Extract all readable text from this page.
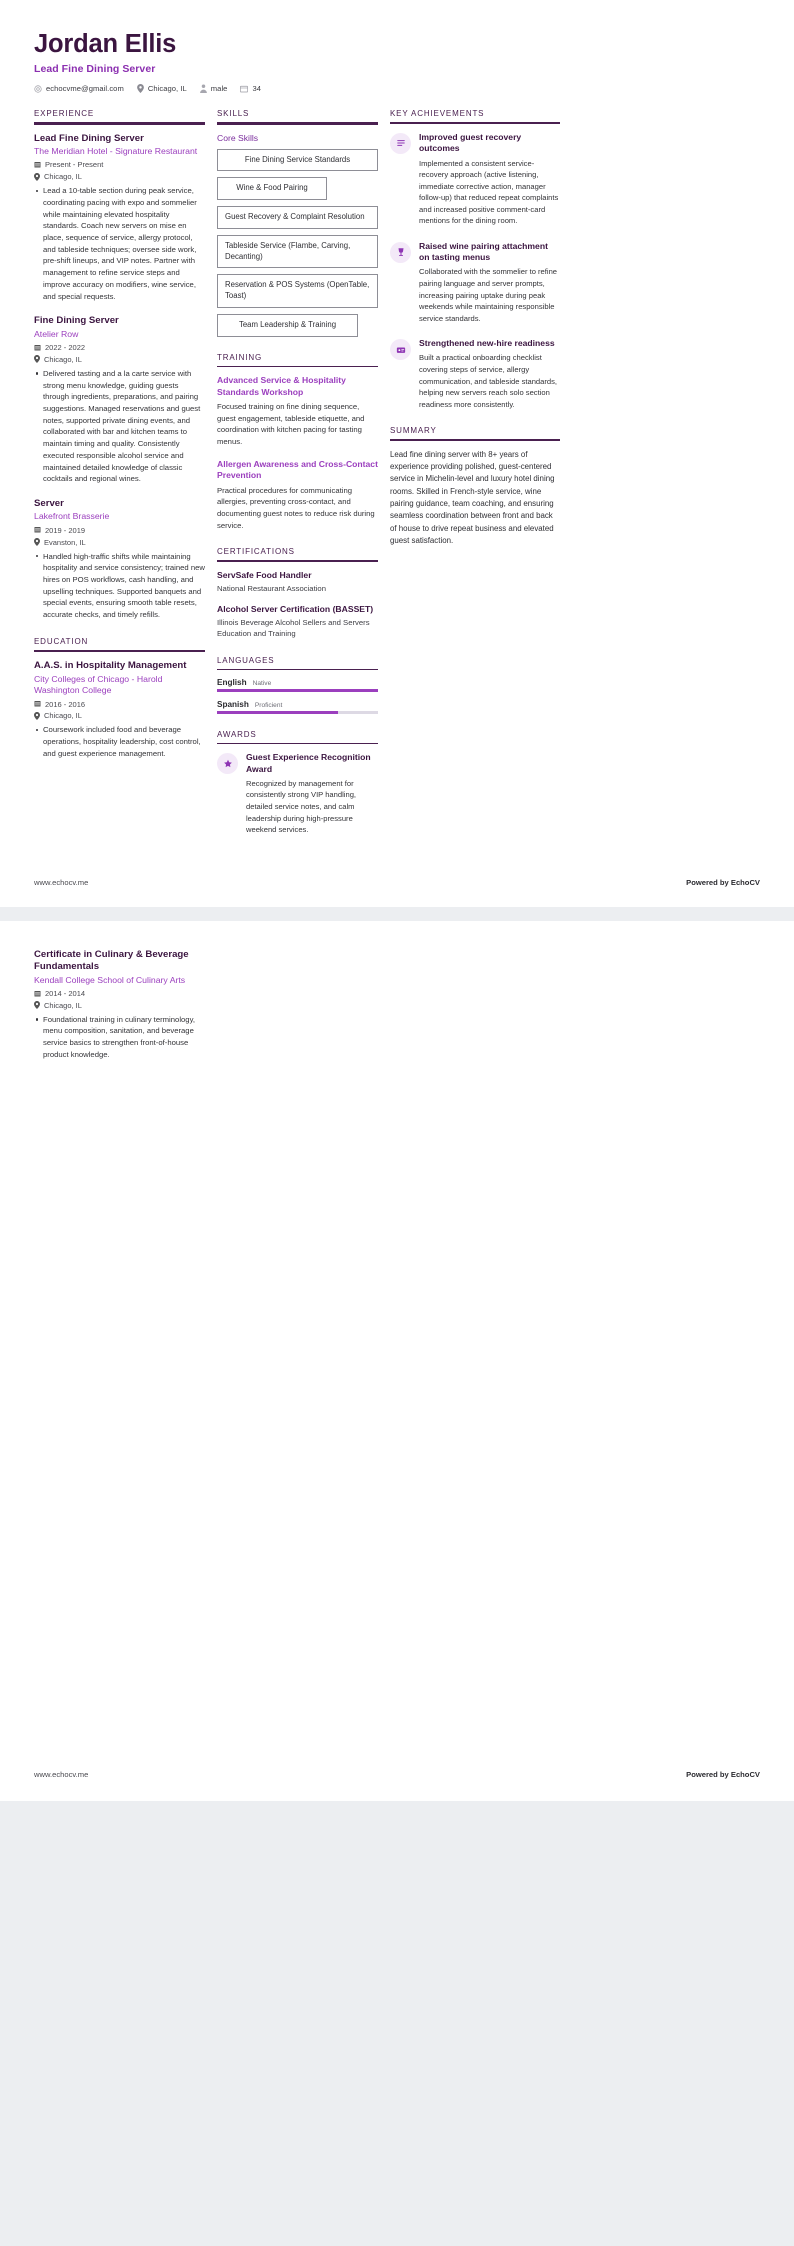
Jordan Ellis
Lead Fine Dining Server
echocvme@gmail.com	Chicago, IL	male	34
EXPERIENCE
Lead Fine Dining Server
The Meridian Hotel - Signature Restaurant
Present - Present
Chicago, IL
Lead a 10-table section during peak service, coordinating pacing with expo and sommelier while maintaining elevated hospitality standards. Coach new servers on mise en place, sequence of service, allergy protocol, and tableside techniques; oversee side work, pre-shift lineups, and VIP notes. Partner with management to refine service steps and improve accuracy on modifiers, wine service, and special requests.
Fine Dining Server
Atelier Row
2022 - 2022
Chicago, IL
Delivered tasting and a la carte service with strong menu knowledge, guiding guests through ingredients, preparations, and pairing suggestions. Managed reservations and guest notes, supported private dining events, and collaborated with bar and kitchen teams to maintain timing and quality. Consistently executed responsible alcohol service and maintained detailed knowledge of classic cocktails and regional wines.
Server
Lakefront Brasserie
2019 - 2019
Evanston, IL
Handled high-traffic shifts while maintaining hospitality and service consistency; trained new hires on POS workflows, cash handling, and upselling techniques. Supported banquets and special events, ensuring smooth table resets, accurate checks, and timely refills.
EDUCATION
A.A.S. in Hospitality Management
City Colleges of Chicago - Harold Washington College
2016 - 2016
Chicago, IL
Coursework included food and beverage operations, hospitality leadership, cost control, and guest experience management.
SKILLS
Core Skills
Fine Dining Service Standards
Wine & Food Pairing
Guest Recovery & Complaint Resolution
Tableside Service (Flambe, Carving, Decanting)
Reservation & POS Systems (OpenTable, Toast)
Team Leadership & Training
TRAINING
Advanced Service & Hospitality Standards Workshop
Focused training on fine dining sequence, guest engagement, tableside etiquette, and coordination with kitchen pacing for tasting menus.
Allergen Awareness and Cross-Contact Prevention
Practical procedures for communicating allergies, preventing cross-contact, and documenting guest notes to reduce risk during service.
CERTIFICATIONS
ServSafe Food Handler
National Restaurant Association
Alcohol Server Certification (BASSET)
Illinois Beverage Alcohol Sellers and Servers Education and Training
LANGUAGES
English Native
Spanish Proficient
AWARDS
Guest Experience Recognition Award
Recognized by management for consistently strong VIP handling, detailed service notes, and calm leadership during high-pressure weekend services.
KEY ACHIEVEMENTS
Improved guest recovery outcomes
Implemented a consistent service-recovery approach (active listening, immediate corrective action, manager follow-up) that reduced repeat complaints and increased positive comment-card mentions for the dining room.
Raised wine pairing attachment on tasting menus
Collaborated with the sommelier to refine pairing language and server prompts, increasing pairing uptake during peak weekends while maintaining responsible service standards.
Strengthened new-hire readiness
Built a practical onboarding checklist covering steps of service, allergy communication, and tableside standards, helping new servers reach solo section readiness more consistently.
SUMMARY
Lead fine dining server with 8+ years of experience providing polished, guest-centered service in Michelin-level and luxury hotel dining rooms. Skilled in French-style service, wine pairing guidance, team coaching, and ensuring seamless coordination between front and back of house to drive repeat business and elevated guest satisfaction.
www.echocv.me	Powered by EchoCV
Certificate in Culinary & Beverage Fundamentals
Kendall College School of Culinary Arts
2014 - 2014
Chicago, IL
Foundational training in culinary terminology, menu composition, sanitation, and beverage service basics to strengthen front-of-house product knowledge.
www.echocv.me	Powered by EchoCV
